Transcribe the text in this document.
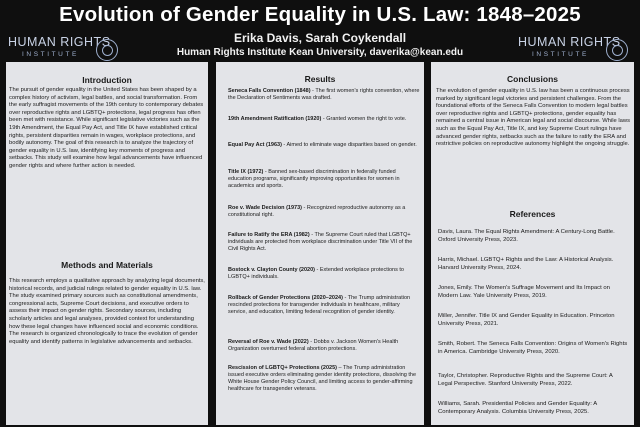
Evolution of Gender Equality in U.S. Law: 1848–2025
Erika Davis, Sarah Coykendall
Human Rights Institute Kean University, daverika@kean.edu
HUMAN RIGHTS
INSTITUTE
HUMAN RIGHTS
INSTITUTE
Introduction
The pursuit of gender equality in the United States has been shaped by a complex history of activism, legal battles, and social transformation. From the early suffragist movements of the 19th century to contemporary debates over reproductive rights and LGBTQ+ protections, legal progress has often been met with resistance. While significant legislative victories such as the 19th Amendment, the Equal Pay Act, and Title IX have established critical rights, persistent disparities remain in wages, workplace protections, and bodily autonomy. The goal of this research is to analyze the trajectory of gender equality in U.S. law, identifying key moments of progress and setbacks. This study will examine how legal advancements have influenced gender rights and where further action is needed.
Methods and Materials
This research employs a qualitative approach by analyzing legal documents, historical records, and judicial rulings related to gender equality in U.S. law. The study examined primary sources such as constitutional amendments, congressional acts, Supreme Court decisions, and executive orders to assess their impact on gender rights. Secondary sources, including scholarly articles and legal analyses, provided context for understanding how these legal changes have influenced social and economic conditions. The research is organized chronologically to trace the evolution of gender equality and identify patterns in legislative advancements and setbacks.
Results
Seneca Falls Convention (1848) - The first women's rights convention, where the Declaration of Sentiments was drafted.
19th Amendment Ratification (1920) - Granted women the right to vote.
Equal Pay Act (1963) - Aimed to eliminate wage disparities based on gender.
Title IX (1972) - Banned sex-based discrimination in federally funded education programs, significantly improving opportunities for women in academics and sports.
Roe v. Wade Decision (1973) - Recognized reproductive autonomy as a constitutional right.
Failure to Ratify the ERA (1982) - The Supreme Court ruled that LGBTQ+ individuals are protected from workplace discrimination under Title VII of the Civil Rights Act.
Bostock v. Clayton County (2020) - Extended workplace protections to LGBTQ+ individuals.
Rollback of Gender Protections (2020–2024) - The Trump administration rescinded protections for transgender individuals in healthcare, military service, and education, limiting federal recognition of gender identity.
Reversal of Roe v. Wade (2022) - Dobbs v. Jackson Women's Health Organization overturned federal abortion protections.
Rescission of LGBTQ+ Protections (2025) – The Trump administration issued executive orders eliminating gender identity protections, dissolving the White House Gender Policy Council, and limiting access to gender-affirming healthcare for transgender veterans.
Conclusions
The evolution of gender equality in U.S. law has been a continuous process marked by significant legal victories and persistent challenges. From the foundational efforts of the Seneca Falls Convention to modern legal battles over reproductive rights and LGBTQ+ protections, gender equality has remained a central issue in American legal and social discourse. While laws such as the Equal Pay Act, Title IX, and key Supreme Court rulings have advanced gender rights, setbacks such as the failure to ratify the ERA and restrictive policies on reproductive autonomy highlight the ongoing struggle.
References
Davis, Laura. The Equal Rights Amendment: A Century-Long Battle. Oxford University Press, 2023.
Harris, Michael. LGBTQ+ Rights and the Law: A Historical Analysis. Harvard University Press, 2024.
Jones, Emily. The Women's Suffrage Movement and Its Impact on Modern Law. Yale University Press, 2019.
Miller, Jennifer. Title IX and Gender Equality in Education. Princeton University Press, 2021.
Smith, Robert. The Seneca Falls Convention: Origins of Women's Rights in America. Cambridge University Press, 2020.
Taylor, Christopher. Reproductive Rights and the Supreme Court: A Legal Perspective. Stanford University Press, 2022.
Williams, Sarah. Presidential Policies and Gender Equality: A Contemporary Analysis. Columbia University Press, 2025.
